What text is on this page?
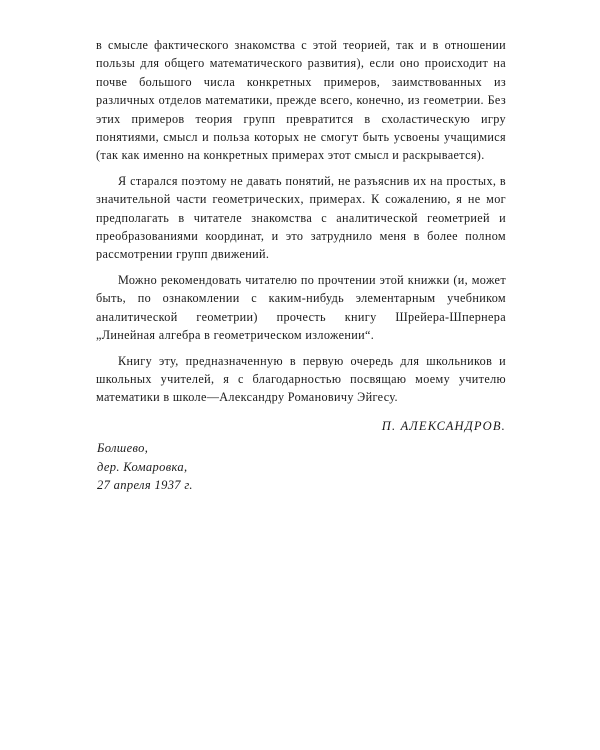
в смысле фактического знакомства с этой теорией, так и в отношении пользы для общего математического развития), если оно происходит на почве большого числа конкретных примеров, заимствованных из различных отделов математики, прежде всего, конечно, из геометрии. Без этих примеров теория групп превратится в схоластическую игру понятиями, смысл и польза которых не смогут быть усвоены учащимися (так как именно на конкретных примерах этот смысл и раскрывается).

Я старался поэтому не давать понятий, не разъяснив их на простых, в значительной части геометрических, примерах. К сожалению, я не мог предполагать в читателе знакомства с аналитической геометрией и преобразованиями координат, и это затруднило меня в более полном рассмотрении групп движений.

Можно рекомендовать читателю по прочтении этой книжки (и, может быть, по ознакомлении с каким-нибудь элементарным учебником аналитической геометрии) прочесть книгу Шрейера-Шпернера „Линейная алгебра в геометрическом изложении“.

Книгу эту, предназначенную в первую очередь для школьников и школьных учителей, я с благодарностью посвящаю моему учителю математики в школе—Александру Романовичу Эйгесу.

П. АЛЕКСАНДРОВ.
Болшево,
дер. Комаровка,
27 апреля 1937 г.
